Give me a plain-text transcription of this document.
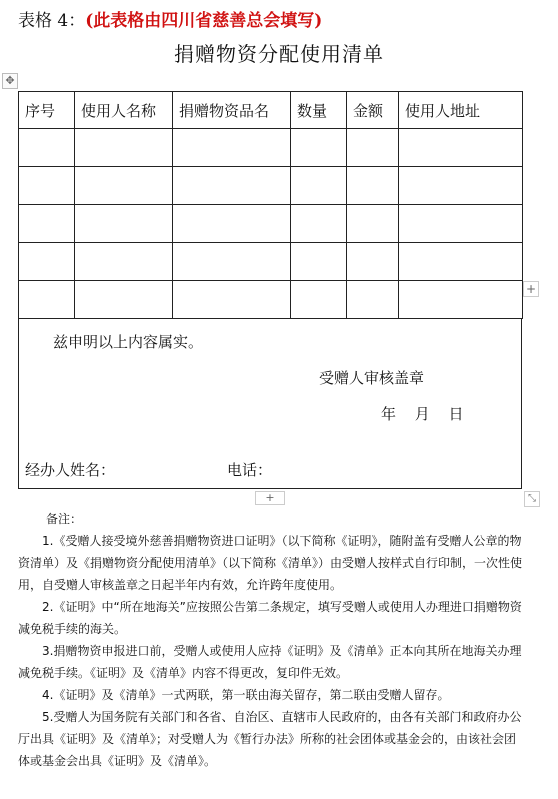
表格 4：(此表格由四川省慈善总会填写)
捐赠物资分配使用清单
✥
序号	使用人名称	捐赠物资品名	数量	金额	使用人地址

兹申明以上内容属实。
受赠人审核盖章
年 月 日
经办人姓名：	电话：
+
+	⤡
备注：

1.《受赠人接受境外慈善捐赠物资进口证明》（以下简称《证明》，随附盖有受赠人公章的物资清单）及《捐赠物资分配使用清单》（以下简称《清单》）由受赠人按样式自行印制，一次性使用，自受赠人审核盖章之日起半年内有效，允许跨年度使用。

2.《证明》中“所在地海关”应按照公告第二条规定，填写受赠人或使用人办理进口捐赠物资减免税手续的海关。

3.捐赠物资申报进口前，受赠人或使用人应持《证明》及《清单》正本向其所在地海关办理减免税手续。《证明》及《清单》内容不得更改，复印件无效。

4.《证明》及《清单》一式两联，第一联由海关留存，第二联由受赠人留存。

5.受赠人为国务院有关部门和各省、自治区、直辖市人民政府的，由各有关部门和政府办公厅出具《证明》及《清单》；对受赠人为《暂行办法》所称的社会团体或基金会的，由该社会团体或基金会出具《证明》及《清单》。
